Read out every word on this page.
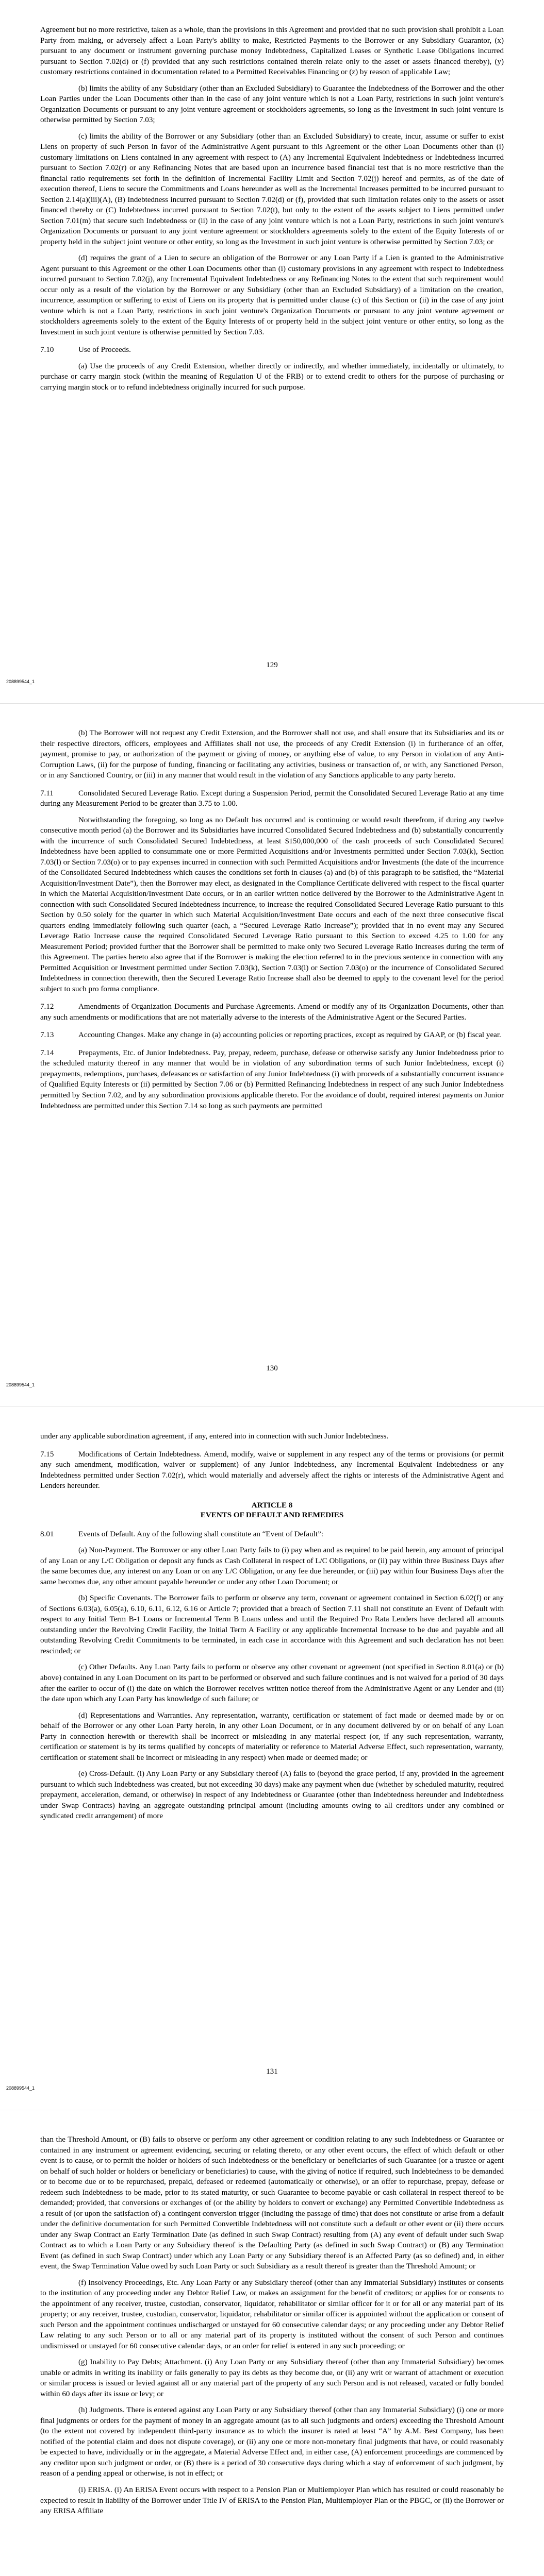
Agreement but no more restrictive, taken as a whole, than the provisions in this Agreement and provided that no such provision shall prohibit a Loan Party from making, or adversely affect a Loan Party's ability to make, Restricted Payments to the Borrower or any Subsidiary Guarantor, (x) pursuant to any document or instrument governing purchase money Indebtedness, Capitalized Leases or Synthetic Lease Obligations incurred pursuant to Section 7.02(d) or (f) provided that any such restrictions contained therein relate only to the asset or assets financed thereby), (y) customary restrictions contained in documentation related to a Permitted Receivables Financing or (z) by reason of applicable Law;

(b) limits the ability of any Subsidiary (other than an Excluded Subsidiary) to Guarantee the Indebtedness of the Borrower and the other Loan Parties under the Loan Documents other than in the case of any joint venture which is not a Loan Party, restrictions in such joint venture's Organization Documents or pursuant to any joint venture agreement or stockholders agreements, so long as the Investment in such joint venture is otherwise permitted by Section 7.03;

(c) limits the ability of the Borrower or any Subsidiary (other than an Excluded Subsidiary) to create, incur, assume or suffer to exist Liens on property of such Person in favor of the Administrative Agent pursuant to this Agreement or the other Loan Documents other than (i) customary limitations on Liens contained in any agreement with respect to (A) any Incremental Equivalent Indebtedness or Indebtedness incurred pursuant to Section 7.02(r) or any Refinancing Notes that are based upon an incurrence based financial test that is no more restrictive than the financial ratio requirements set forth in the definition of Incremental Facility Limit and Section 7.02(j) hereof and permits, as of the date of execution thereof, Liens to secure the Commitments and Loans hereunder as well as the Incremental Increases permitted to be incurred pursuant to Section 2.14(a)(iii)(A), (B) Indebtedness incurred pursuant to Section 7.02(d) or (f), provided that such limitation relates only to the assets or asset financed thereby or (C) Indebtedness incurred pursuant to Section 7.02(t), but only to the extent of the assets subject to Liens permitted under Section 7.01(m) that secure such Indebtedness or (ii) in the case of any joint venture which is not a Loan Party, restrictions in such joint venture's Organization Documents or pursuant to any joint venture agreement or stockholders agreements solely to the extent of the Equity Interests of or property held in the subject joint venture or other entity, so long as the Investment in such joint venture is otherwise permitted by Section 7.03; or

(d) requires the grant of a Lien to secure an obligation of the Borrower or any Loan Party if a Lien is granted to the Administrative Agent pursuant to this Agreement or the other Loan Documents other than (i) customary provisions in any agreement with respect to Indebtedness incurred pursuant to Section 7.02(j), any Incremental Equivalent Indebtedness or any Refinancing Notes to the extent that such requirement would occur only as a result of the violation by the Borrower or any Subsidiary (other than an Excluded Subsidiary) of a limitation on the creation, incurrence, assumption or suffering to exist of Liens on its property that is permitted under clause (c) of this Section or (ii) in the case of any joint venture which is not a Loan Party, restrictions in such joint venture's Organization Documents or pursuant to any joint venture agreement or stockholders agreements solely to the extent of the Equity Interests of or property held in the subject joint venture or other entity, so long as the Investment in such joint venture is otherwise permitted by Section 7.03.

7.10	Use of Proceeds.

(a) Use the proceeds of any Credit Extension, whether directly or indirectly, and whether immediately, incidentally or ultimately, to purchase or carry margin stock (within the meaning of Regulation U of the FRB) or to extend credit to others for the purpose of purchasing or carrying margin stock or to refund indebtedness originally incurred for such purpose.

129
208899544_1

(b) The Borrower will not request any Credit Extension, and the Borrower shall not use, and shall ensure that its Subsidiaries and its or their respective directors, officers, employees and Affiliates shall not use, the proceeds of any Credit Extension (i) in furtherance of an offer, payment, promise to pay, or authorization of the payment or giving of money, or anything else of value, to any Person in violation of any Anti-Corruption Laws, (ii) for the purpose of funding, financing or facilitating any activities, business or transaction of, or with, any Sanctioned Person, or in any Sanctioned Country, or (iii) in any manner that would result in the violation of any Sanctions applicable to any party hereto.

7.11	Consolidated Secured Leverage Ratio. Except during a Suspension Period, permit the Consolidated Secured Leverage Ratio at any time during any Measurement Period to be greater than 3.75 to 1.00.

Notwithstanding the foregoing, so long as no Default has occurred and is continuing or would result therefrom, if during any twelve consecutive month period (a) the Borrower and its Subsidiaries have incurred Consolidated Secured Indebtedness and (b) substantially concurrently with the incurrence of such Consolidated Secured Indebtedness, at least $150,000,000 of the cash proceeds of such Consolidated Secured Indebtedness have been applied to consummate one or more Permitted Acquisitions and/or Investments permitted under Section 7.03(k), Section 7.03(l) or Section 7.03(o) or to pay expenses incurred in connection with such Permitted Acquisitions and/or Investments (the date of the incurrence of the Consolidated Secured Indebtedness which causes the conditions set forth in clauses (a) and (b) of this paragraph to be satisfied, the “Material Acquisition/Investment Date”), then the Borrower may elect, as designated in the Compliance Certificate delivered with respect to the fiscal quarter in which the Material Acquisition/Investment Date occurs, or in an earlier written notice delivered by the Borrower to the Administrative Agent in connection with such Consolidated Secured Indebtedness incurrence, to increase the required Consolidated Secured Leverage Ratio pursuant to this Section by 0.50 solely for the quarter in which such Material Acquisition/Investment Date occurs and each of the next three consecutive fiscal quarters ending immediately following such quarter (each, a “Secured Leverage Ratio Increase”); provided that in no event may any Secured Leverage Ratio Increase cause the required Consolidated Secured Leverage Ratio pursuant to this Section to exceed 4.25 to 1.00 for any Measurement Period; provided further that the Borrower shall be permitted to make only two Secured Leverage Ratio Increases during the term of this Agreement. The parties hereto also agree that if the Borrower is making the election referred to in the previous sentence in connection with any Permitted Acquisition or Investment permitted under Section 7.03(k), Section 7.03(l) or Section 7.03(o) or the incurrence of Consolidated Secured Indebtedness in connection therewith, then the Secured Leverage Ratio Increase shall also be deemed to apply to the covenant level for the period subject to such pro forma compliance.

7.12	Amendments of Organization Documents and Purchase Agreements. Amend or modify any of its Organization Documents, other than any such amendments or modifications that are not materially adverse to the interests of the Administrative Agent or the Secured Parties.

7.13	Accounting Changes. Make any change in (a) accounting policies or reporting practices, except as required by GAAP, or (b) fiscal year.

7.14	Prepayments, Etc. of Junior Indebtedness. Pay, prepay, redeem, purchase, defease or otherwise satisfy any Junior Indebtedness prior to the scheduled maturity thereof in any manner that would be in violation of any subordination terms of such Junior Indebtedness, except (i) prepayments, redemptions, purchases, defeasances or satisfaction of any Junior Indebtedness (i) with proceeds of a substantially concurrent issuance of Qualified Equity Interests or (ii) permitted by Section 7.06 or (b) Permitted Refinancing Indebtedness in respect of any such Junior Indebtedness permitted by Section 7.02, and by any subordination provisions applicable thereto. For the avoidance of doubt, required interest payments on Junior Indebtedness are permitted under this Section 7.14 so long as such payments are permitted

130
208899544_1

under any applicable subordination agreement, if any, entered into in connection with such Junior Indebtedness.

7.15	Modifications of Certain Indebtedness. Amend, modify, waive or supplement in any respect any of the terms or provisions (or permit any such amendment, modification, waiver or supplement) of any Junior Indebtedness, any Incremental Equivalent Indebtedness or any Indebtedness permitted under Section 7.02(r), which would materially and adversely affect the rights or interests of the Administrative Agent and Lenders hereunder.

ARTICLE 8
EVENTS OF DEFAULT AND REMEDIES

8.01	Events of Default. Any of the following shall constitute an “Event of Default”:

(a) Non-Payment. The Borrower or any other Loan Party fails to (i) pay when and as required to be paid herein, any amount of principal of any Loan or any L/C Obligation or deposit any funds as Cash Collateral in respect of L/C Obligations, or (ii) pay within three Business Days after the same becomes due, any interest on any Loan or on any L/C Obligation, or any fee due hereunder, or (iii) pay within four Business Days after the same becomes due, any other amount payable hereunder or under any other Loan Document; or

(b) Specific Covenants. The Borrower fails to perform or observe any term, covenant or agreement contained in Section 6.02(f) or any of Sections 6.03(a), 6.05(a), 6.10, 6.11, 6.12, 6.16 or Article 7; provided that a breach of Section 7.11 shall not constitute an Event of Default with respect to any Initial Term B-1 Loans or Incremental Term B Loans unless and until the Required Pro Rata Lenders have declared all amounts outstanding under the Revolving Credit Facility, the Initial Term A Facility or any applicable Incremental Increase to be due and payable and all outstanding Revolving Credit Commitments to be terminated, in each case in accordance with this Agreement and such declaration has not been rescinded; or

(c) Other Defaults. Any Loan Party fails to perform or observe any other covenant or agreement (not specified in Section 8.01(a) or (b) above) contained in any Loan Document on its part to be performed or observed and such failure continues and is not waived for a period of 30 days after the earlier to occur of (i) the date on which the Borrower receives written notice thereof from the Administrative Agent or any Lender and (ii) the date upon which any Loan Party has knowledge of such failure; or

(d) Representations and Warranties. Any representation, warranty, certification or statement of fact made or deemed made by or on behalf of the Borrower or any other Loan Party herein, in any other Loan Document, or in any document delivered by or on behalf of any Loan Party in connection herewith or therewith shall be incorrect or misleading in any material respect (or, if any such representation, warranty, certification or statement is by its terms qualified by concepts of materiality or reference to Material Adverse Effect, such representation, warranty, certification or statement shall be incorrect or misleading in any respect) when made or deemed made; or

(e) Cross-Default. (i) Any Loan Party or any Subsidiary thereof (A) fails to (beyond the grace period, if any, provided in the agreement pursuant to which such Indebtedness was created, but not exceeding 30 days) make any payment when due (whether by scheduled maturity, required prepayment, acceleration, demand, or otherwise) in respect of any Indebtedness or Guarantee (other than Indebtedness hereunder and Indebtedness under Swap Contracts) having an aggregate outstanding principal amount (including amounts owing to all creditors under any combined or syndicated credit arrangement) of more

131
208899544_1

than the Threshold Amount, or (B) fails to observe or perform any other agreement or condition relating to any such Indebtedness or Guarantee or contained in any instrument or agreement evidencing, securing or relating thereto, or any other event occurs, the effect of which default or other event is to cause, or to permit the holder or holders of such Indebtedness or the beneficiary or beneficiaries of such Guarantee (or a trustee or agent on behalf of such holder or holders or beneficiary or beneficiaries) to cause, with the giving of notice if required, such Indebtedness to be demanded or to become due or to be repurchased, prepaid, defeased or redeemed (automatically or otherwise), or an offer to repurchase, prepay, defease or redeem such Indebtedness to be made, prior to its stated maturity, or such Guarantee to become payable or cash collateral in respect thereof to be demanded; provided, that conversions or exchanges of (or the ability by holders to convert or exchange) any Permitted Convertible Indebtedness as a result of (or upon the satisfaction of) a contingent conversion trigger (including the passage of time) that does not constitute or arise from a default under the definitive documentation for such Permitted Convertible Indebtedness will not constitute such a default or other event or (ii) there occurs under any Swap Contract an Early Termination Date (as defined in such Swap Contract) resulting from (A) any event of default under such Swap Contract as to which a Loan Party or any Subsidiary thereof is the Defaulting Party (as defined in such Swap Contract) or (B) any Termination Event (as defined in such Swap Contract) under which any Loan Party or any Subsidiary thereof is an Affected Party (as so defined) and, in either event, the Swap Termination Value owed by such Loan Party or such Subsidiary as a result thereof is greater than the Threshold Amount; or

(f) Insolvency Proceedings, Etc. Any Loan Party or any Subsidiary thereof (other than any Immaterial Subsidiary) institutes or consents to the institution of any proceeding under any Debtor Relief Law, or makes an assignment for the benefit of creditors; or applies for or consents to the appointment of any receiver, trustee, custodian, conservator, liquidator, rehabilitator or similar officer for it or for all or any material part of its property; or any receiver, trustee, custodian, conservator, liquidator, rehabilitator or similar officer is appointed without the application or consent of such Person and the appointment continues undischarged or unstayed for 60 consecutive calendar days; or any proceeding under any Debtor Relief Law relating to any such Person or to all or any material part of its property is instituted without the consent of such Person and continues undismissed or unstayed for 60 consecutive calendar days, or an order for relief is entered in any such proceeding; or

(g) Inability to Pay Debts; Attachment. (i) Any Loan Party or any Subsidiary thereof (other than any Immaterial Subsidiary) becomes unable or admits in writing its inability or fails generally to pay its debts as they become due, or (ii) any writ or warrant of attachment or execution or similar process is issued or levied against all or any material part of the property of any such Person and is not released, vacated or fully bonded within 60 days after its issue or levy; or

(h) Judgments. There is entered against any Loan Party or any Subsidiary thereof (other than any Immaterial Subsidiary) (i) one or more final judgments or orders for the payment of money in an aggregate amount (as to all such judgments and orders) exceeding the Threshold Amount (to the extent not covered by independent third-party insurance as to which the insurer is rated at least “A” by A.M. Best Company, has been notified of the potential claim and does not dispute coverage), or (ii) any one or more non-monetary final judgments that have, or could reasonably be expected to have, individually or in the aggregate, a Material Adverse Effect and, in either case, (A) enforcement proceedings are commenced by any creditor upon such judgment or order, or (B) there is a period of 30 consecutive days during which a stay of enforcement of such judgment, by reason of a pending appeal or otherwise, is not in effect; or

(i) ERISA. (i) An ERISA Event occurs with respect to a Pension Plan or Multiemployer Plan which has resulted or could reasonably be expected to result in liability of the Borrower under Title IV of ERISA to the Pension Plan, Multiemployer Plan or the PBGC, or (ii) the Borrower or any ERISA Affiliate
